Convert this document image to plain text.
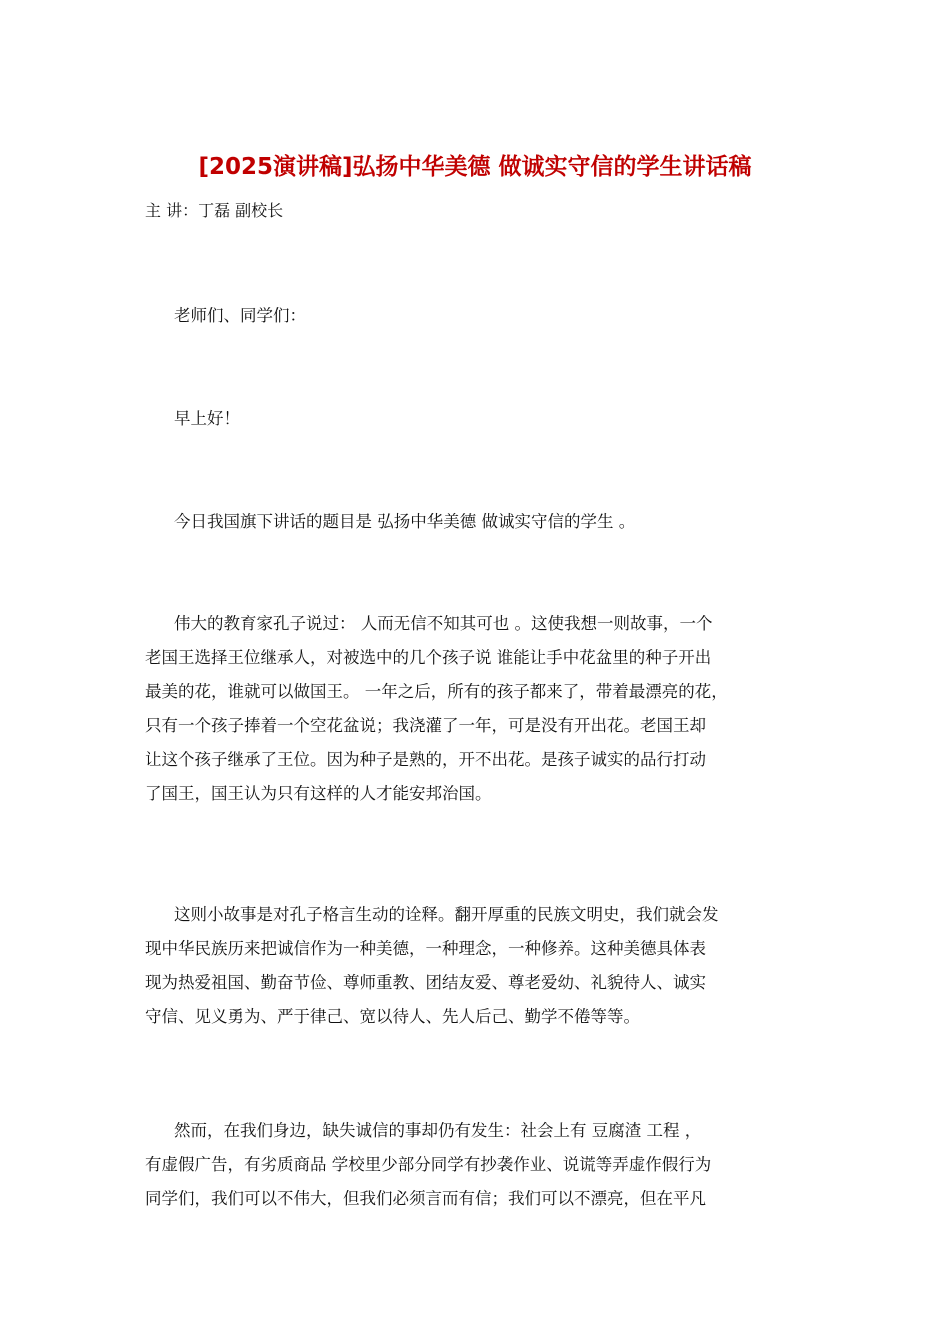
[2025演讲稿]弘扬中华美德 做诚实守信的学生讲话稿

主 讲：丁磊 副校长

老师们、同学们：

早上好！

今日我国旗下讲话的题目是 弘扬中华美德 做诚实守信的学生 。

伟大的教育家孔子说过： 人而无信不知其可也 。这使我想一则故事，一个
老国王选择王位继承人，对被选中的几个孩子说 谁能让手中花盆里的种子开出
最美的花，谁就可以做国王。 一年之后，所有的孩子都来了，带着最漂亮的花，
只有一个孩子捧着一个空花盆说；我浇灌了一年，可是没有开出花。老国王却
让这个孩子继承了王位。因为种子是熟的，开不出花。是孩子诚实的品行打动
了国王，国王认为只有这样的人才能安邦治国。

这则小故事是对孔子格言生动的诠释。翻开厚重的民族文明史，我们就会发
现中华民族历来把诚信作为一种美德，一种理念，一种修养。这种美德具体表
现为热爱祖国、勤奋节俭、尊师重教、团结友爱、尊老爱幼、礼貌待人、诚实
守信、见义勇为、严于律己、宽以待人、先人后己、勤学不倦等等。

然而，在我们身边，缺失诚信的事却仍有发生：社会上有 豆腐渣 工程 ，
有虚假广告，有劣质商品 学校里少部分同学有抄袭作业、说谎等弄虚作假行为
同学们，我们可以不伟大，但我们必须言而有信；我们可以不漂亮，但在平凡
